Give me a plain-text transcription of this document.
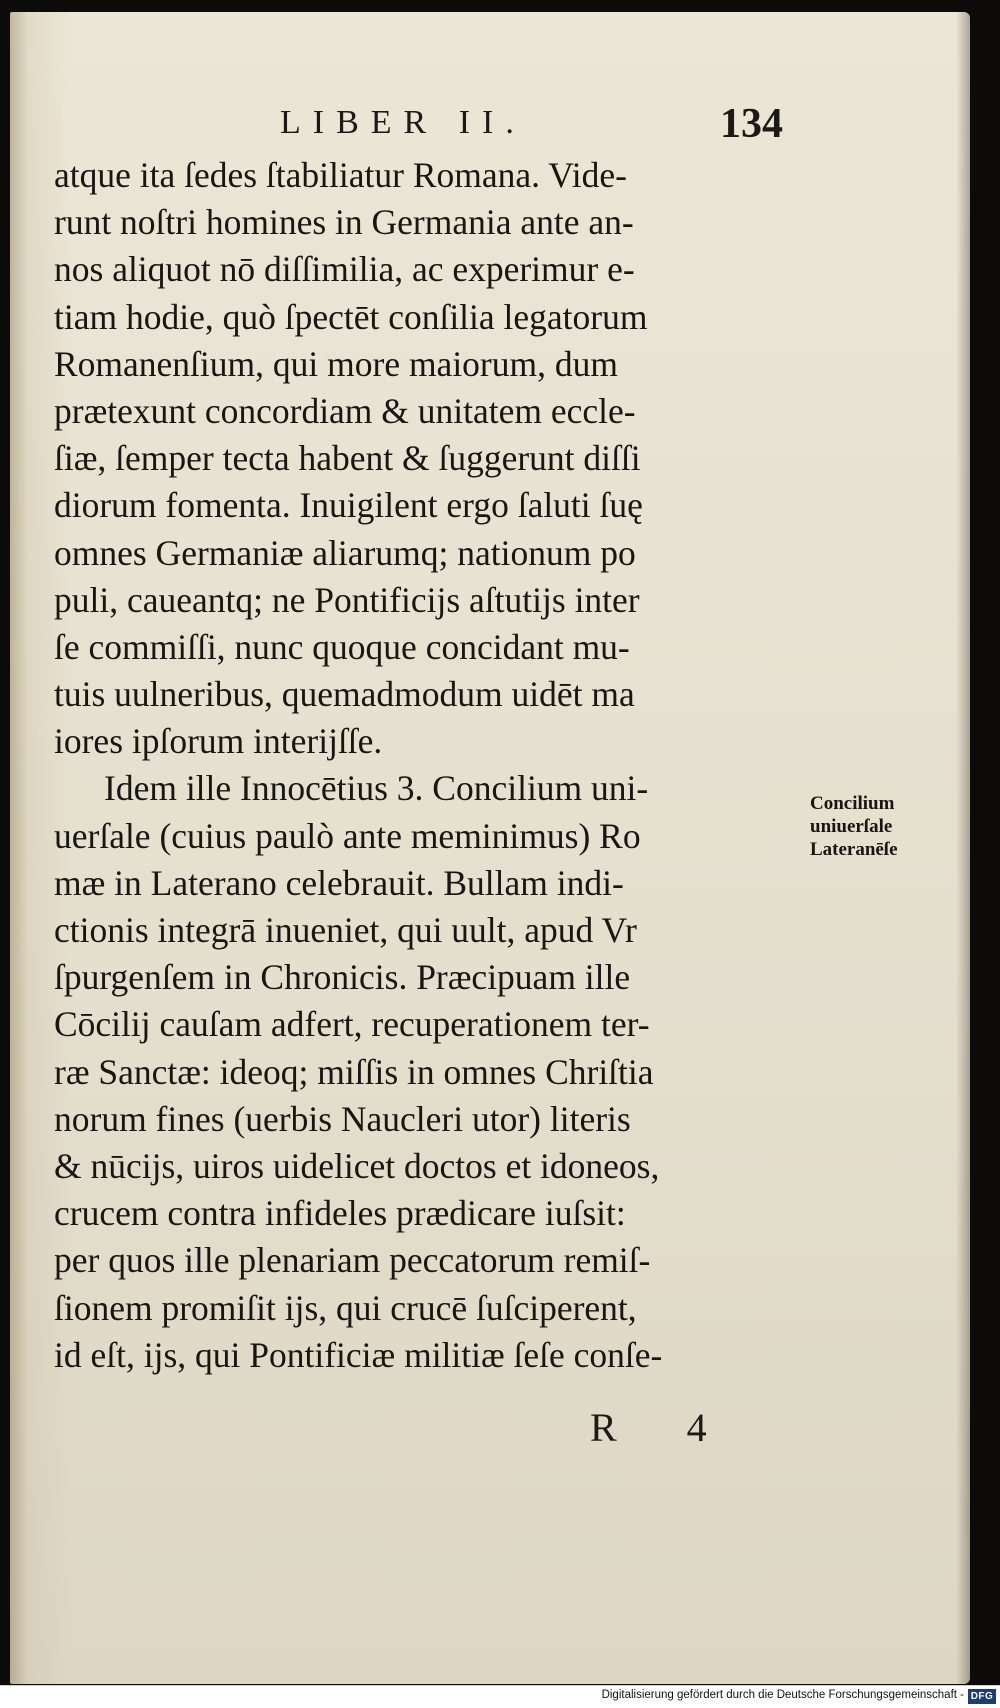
LIBER II.	134
atque ita ſedes ſtabiliatur Romana. Vide-
runt noſtri homines in Germania ante an-
nos aliquot nō diſſimilia, ac experimur e-
tiam hodie, quò ſpectēt conſilia legatorum
Romanenſium, qui more maiorum, dum
prætexunt concordiam & unitatem eccle-
ſiæ, ſemper tecta habent & ſuggerunt diſſi
diorum fomenta. Inuigilent ergo ſaluti ſuę
omnes Germaniæ aliarumq; nationum po
puli, caueantq; ne Pontificijs aſtutijs inter
ſe commiſſi, nunc quoque concidant mu-
tuis uulneribus, quemadmodum uidēt ma
iores ipſorum interijſſe.
Idem ille Innocētius 3. Concilium uni-
uerſale (cuius paulò ante meminimus) Ro
mæ in Laterano celebrauit. Bullam indi-
ctionis integrā inueniet, qui uult, apud Vr
ſpurgenſem in Chronicis. Præcipuam ille
Cōcilij cauſam adfert, recuperationem ter-
ræ Sanctæ: ideoq; miſſis in omnes Chriſtia
norum fines (uerbis Naucleri utor) literis
& nūcijs, uiros uidelicet doctos et idoneos,
crucem contra infideles prædicare iuſsit:
per quos ille plenariam peccatorum remiſ-
ſionem promiſit ijs, qui crucē ſuſciperent,
id eſt, ijs, qui Pontificiæ militiæ ſeſe conſe-
Concilium
uniuerſale
Lateranēſe
R 4
Digitalisierung gefördert durch die Deutsche Forschungsgemeinschaft - DFG
